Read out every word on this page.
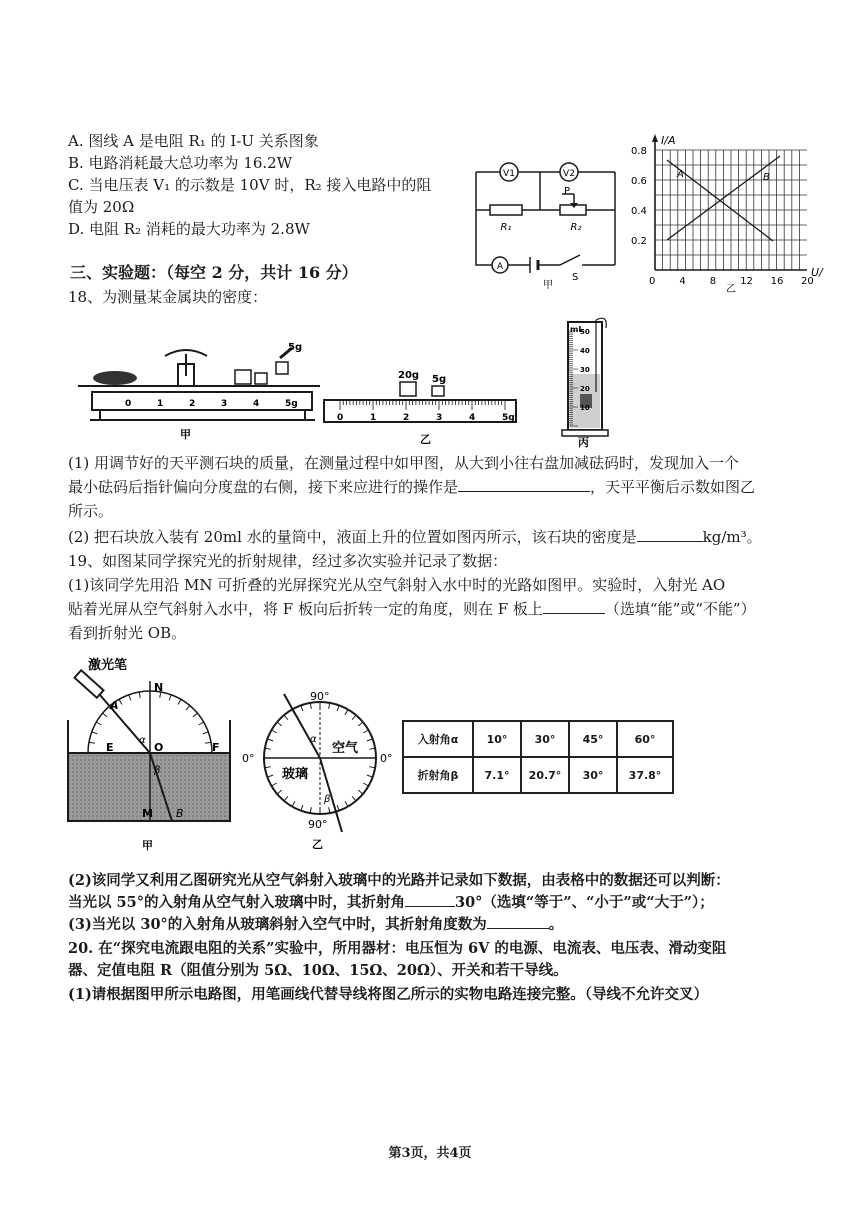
A. 图线 A 是电阻 R₁ 的 I-U 关系图象
B. 电路消耗最大总功率为 16.2W
C. 当电压表 V₁ 的示数是 10V 时，R₂ 接入电路中的阻
值为 20Ω
D. 电阻 R₂ 消耗的最大功率为 2.8W
V1	V2
R₁
P
R₂
A
S
甲
I/A
U/
0.8
0.6
0.4
0.2
0 4 8 12 16 20
A	B
乙
三、实验题：（每空 2 分，共计 16 分）
18、为测量某金属块的密度：
5g
0	1	2	3	4	5g
甲
20g 5g
0	1	2	3	4	5g
乙
mL
50
40
30
20
10
丙
(1) 用调节好的天平测石块的质量，在测量过程中如甲图，从大到小往右盘加减砝码时，发现加入一个
最小砝码后指针偏向分度盘的右侧，接下来应进行的操作是	，天平平衡后示数如图乙
所示。
(2) 把石块放入装有 20ml 水的量筒中，液面上升的位置如图丙所示，该石块的密度是	kg/m³。
19、如图某同学探究光的折射规律，经过多次实验并记录了数据：
(1)该同学先用沿 MN 可折叠的光屏探究光从空气斜射入水中时的光路如图甲。实验时，入射光 AO
贴着光屏从空气斜射入水中，将 F 板向后折转一定的角度，则在 F 板上	（选填“能”或“不能”）
看到折射光 OB。
激光笔
N
A
α
O
E	F
β
M B
甲
90°
0°	0°
90°
空气
玻璃
α
β
乙
入射角α	10°	30°	45°	60°
折射角β	7.1°	20.7°	30°	37.8°
(2)该同学又利用乙图研究光从空气斜射入玻璃中的光路并记录如下数据，由表格中的数据还可以判断：
当光以 55°的入射角从空气射入玻璃中时，其折射角	30°（选填“等于”、“小于”或“大于”）；
(3)当光以 30°的入射角从玻璃斜射入空气中时，其折射角度数为	。
20. 在“探究电流跟电阻的关系”实验中，所用器材：电压恒为 6V 的电源、电流表、电压表、滑动变阻
器、定值电阻 R（阻值分别为 5Ω、10Ω、15Ω、20Ω）、开关和若干导线。
(1)请根据图甲所示电路图，用笔画线代替导线将图乙所示的实物电路连接完整。（导线不允许交叉）
第3页，共4页
